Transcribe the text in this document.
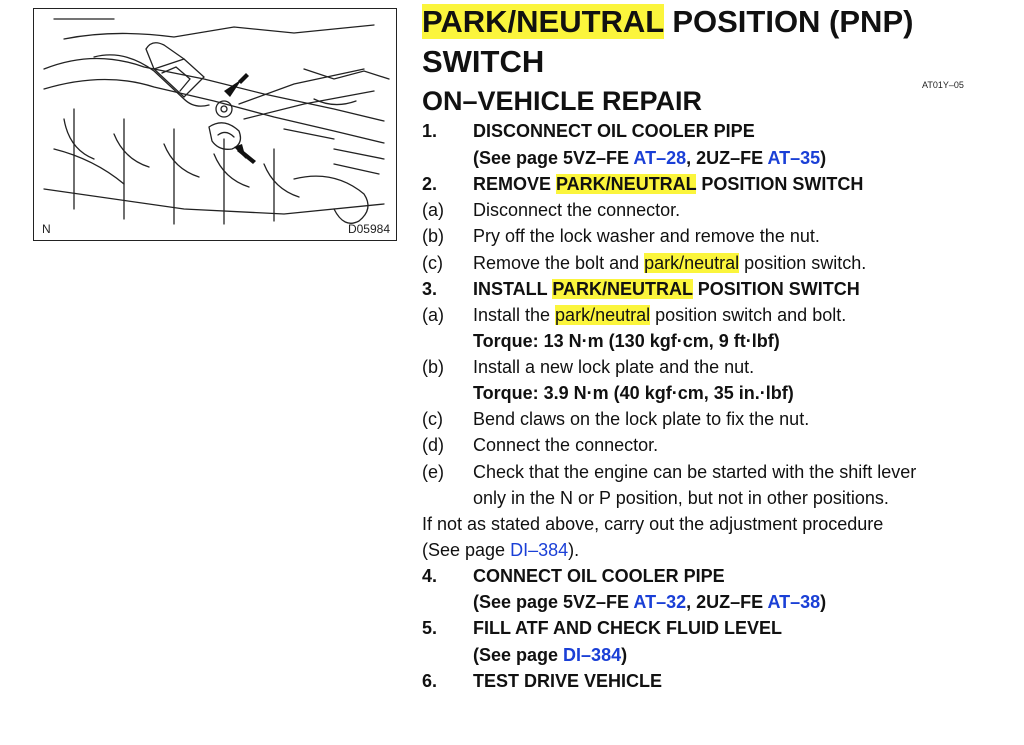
N	D05984
PARK/NEUTRAL POSITION (PNP)
SWITCH
ON–VEHICLE REPAIR
AT01Y–05
1. DISCONNECT OIL COOLER PIPE
(See page 5VZ–FE AT–28, 2UZ–FE AT–35)
2. REMOVE PARK/NEUTRAL POSITION SWITCH
(a) Disconnect the connector.
(b) Pry off the lock washer and remove the nut.
(c) Remove the bolt and park/neutral position switch.
3. INSTALL PARK/NEUTRAL POSITION SWITCH
(a) Install the park/neutral position switch and bolt.
Torque: 13 N·m (130 kgf·cm, 9 ft·lbf)
(b) Install a new lock plate and the nut.
Torque: 3.9 N·m (40 kgf·cm, 35 in.·lbf)
(c) Bend claws on the lock plate to fix the nut.
(d) Connect the connector.
(e) Check that the engine can be started with the shift lever
only in the N or P position, but not in other positions.
If not as stated above, carry out the adjustment procedure
(See page DI–384).
4. CONNECT OIL COOLER PIPE
(See page 5VZ–FE AT–32, 2UZ–FE AT–38)
5. FILL ATF AND CHECK FLUID LEVEL
(See page DI–384)
6. TEST DRIVE VEHICLE
